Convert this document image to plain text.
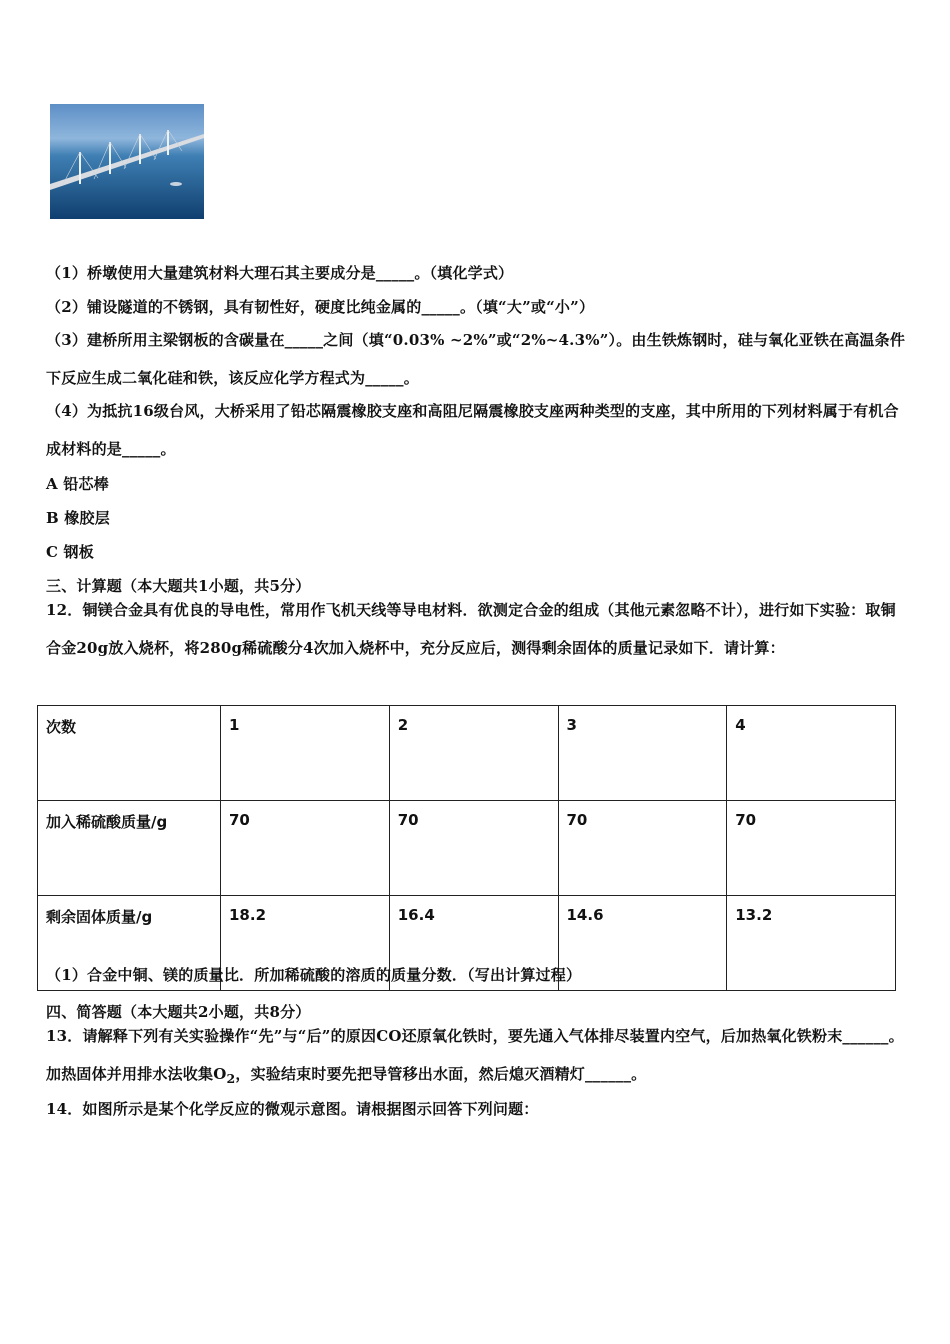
（1）桥墩使用大量建筑材料大理石其主要成分是_____。（填化学式）
（2）铺设隧道的不锈钢，具有韧性好，硬度比纯金属的_____。（填“大”或“小”）
（3）建桥所用主梁钢板的含碳量在_____之间（填“0.03% ~2%”或“2%~4.3%”）。由生铁炼钢时，硅与氧化亚铁在高温条件下反应生成二氧化硅和铁，该反应化学方程式为_____。
（4）为抵抗16级台风，大桥采用了铅芯隔震橡胶支座和高阻尼隔震橡胶支座两种类型的支座，其中所用的下列材料属于有机合成材料的是_____。
A 铅芯棒
B 橡胶层
C 钢板
三、计算题（本大题共1小题，共5分）
12．铜镁合金具有优良的导电性，常用作飞机天线等导电材料．欲测定合金的组成（其他元素忽略不计），进行如下实验：取铜合金20g放入烧杯，将280g稀硫酸分4次加入烧杯中，充分反应后，测得剩余固体的质量记录如下．请计算：
次数	1	2	3	4
加入稀硫酸质量/g	70	70	70	70
剩余固体质量/g	18.2	16.4	14.6	13.2
（1）合金中铜、镁的质量比．所加稀硫酸的溶质的质量分数．（写出计算过程）
四、简答题（本大题共2小题，共8分）
13．请解释下列有关实验操作“先”与“后”的原因CO还原氧化铁时，要先通入气体排尽装置内空气，后加热氧化铁粉末______。加热固体并用排水法收集$O_2$，实验结束时要先把导管移出水面，然后熄灭酒精灯______。
14．如图所示是某个化学反应的微观示意图。请根据图示回答下列问题：
